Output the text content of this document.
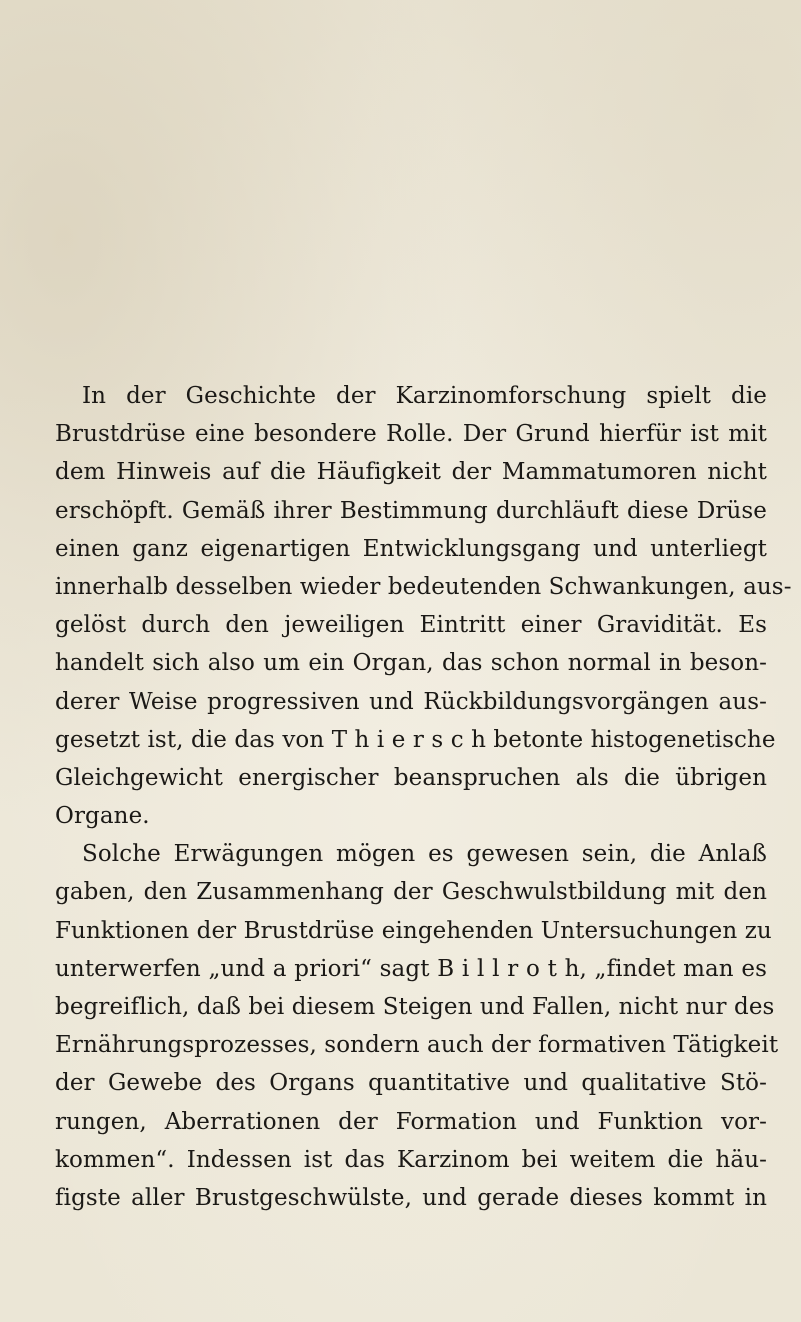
In der Geschichte der Karzinomforschung spielt die
Brustdrüse eine besondere Rolle. Der Grund hierfür ist mit
dem Hinweis auf die Häufigkeit der Mammatumoren nicht
erschöpft. Gemäß ihrer Bestimmung durchläuft diese Drüse
einen ganz eigenartigen Entwicklungsgang und unterliegt
innerhalb desselben wieder bedeutenden Schwankungen, aus-
gelöst durch den jeweiligen Eintritt einer Gravidität. Es
handelt sich also um ein Organ, das schon normal in beson-
derer Weise progressiven und Rückbildungsvorgängen aus-
gesetzt ist, die das von T h i e r s c h betonte histogenetische
Gleichgewicht energischer beanspruchen als die übrigen
Organe.
Solche Erwägungen mögen es gewesen sein, die Anlaß
gaben, den Zusammenhang der Geschwulstbildung mit den
Funktionen der Brustdrüse eingehenden Untersuchungen zu
unterwerfen „und a priori“ sagt B i l l r o t h, „findet man es
begreiflich, daß bei diesem Steigen und Fallen, nicht nur des
Ernährungsprozesses, sondern auch der formativen Tätigkeit
der Gewebe des Organs quantitative und qualitative Stö-
rungen, Aberrationen der Formation und Funktion vor-
kommen“. Indessen ist das Karzinom bei weitem die häu-
figste aller Brustgeschwülste, und gerade dieses kommt in
